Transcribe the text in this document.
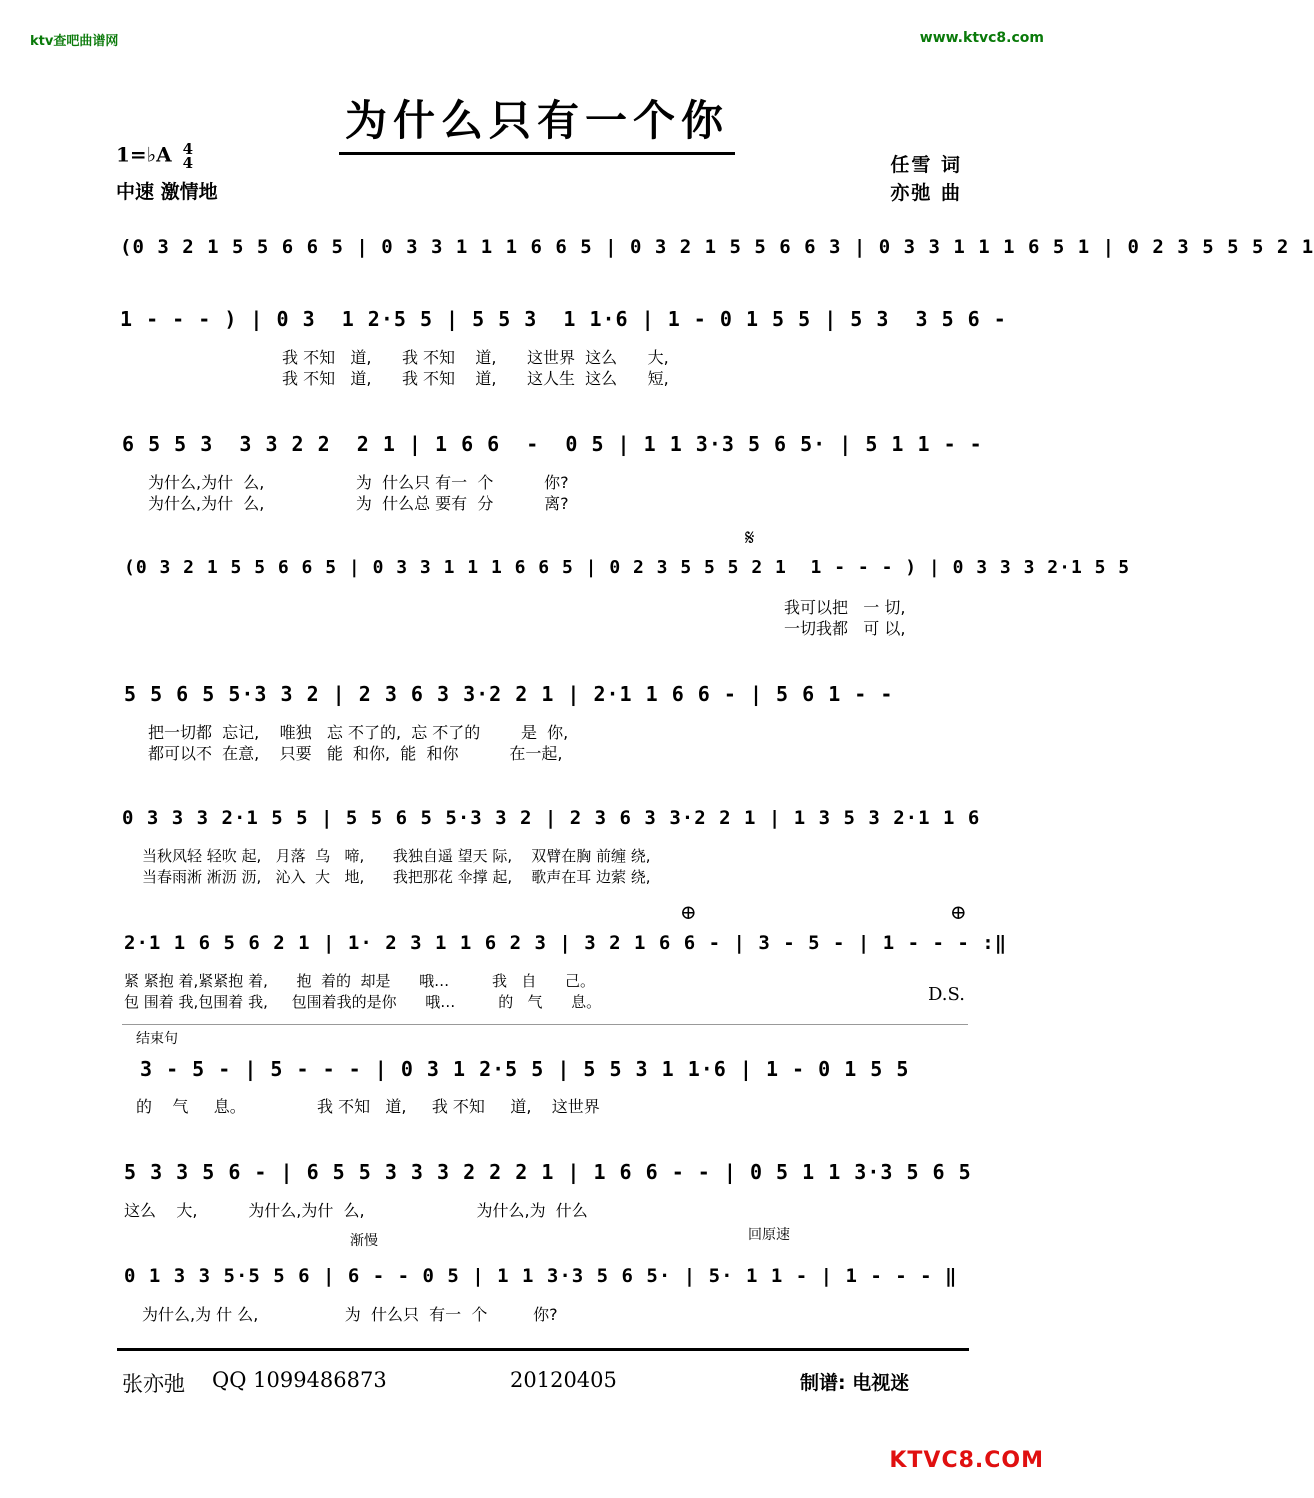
ktv查吧曲谱网	www.ktvc8.com
为什么只有一个你
1=♭A 4
4
中速 激情地
任雪 词
亦弛 曲
(0 3 2 1 5 5 6 6 5 | 0 3 3 1 1 1 6 6 5 | 0 3 2 1 5 5 6 6 3 | 0 3 3 1 1 1 6 5 1 | 0 2 3 5 5 5 2 1
1 - - - ) | 0 3  1 2·5 5 | 5 5 3  1 1·6 | 1 - 0 1 5 5 | 5 3  3 5 6 -
我 不知   道,      我 不知    道,      这世界  这么      大,
我 不知   道,      我 不知    道,      这人生  这么      短,
6 5 5 3  3 3 2 2  2 1 | 1 6 6  -  0 5 | 1 1 3·3 5 6 5· | 5 1 1 - -
为什么,为什  么,                  为  什么只 有一  个          你?
为什么,为什  么,                  为  什么总 要有  分          离?
𝄋
(0 3 2 1 5 5 6 6 5 | 0 3 3 1 1 1 6 6 5 | 0 2 3 5 5 5 2 1  1 - - - ) | 0 3 3 3 2·1 5 5
我可以把   一 切,
一切我都   可 以,
5 5 6 5 5·3 3 2 | 2 3 6 3 3·2 2 1 | 2·1 1 6 6 - | 5 6 1 - -
把一切都  忘记,    唯独   忘 不了的,  忘 不了的        是  你,
都可以不  在意,    只要   能  和你,  能  和你          在一起,
0 3 3 3 2·1 5 5 | 5 5 6 5 5·3 3 2 | 2 3 6 3 3·2 2 1 | 1 3 5 3 2·1 1 6
当秋风轻 轻吹 起,   月落  乌   啼,      我独自遥 望天 际,    双臂在胸 前缠 绕,
当春雨淅 淅沥 沥,   沁入  大   地,      我把那花 伞撑 起,    歌声在耳 边萦 绕,
⊕	⊕
2·1 1 6 5 6 2 1 | 1· 2 3 1 1 6 2 3 | 3 2 1 6 6 - | 3 - 5 - | 1 - - - :‖
紧 紧抱 着,紧紧抱 着,      抱  着的  却是      哦…         我   自      己。
包 围着 我,包围着 我,     包围着我的是你      哦…         的   气      息。	D.S.
结束句
3 - 5 - | 5 - - - | 0 3 1 2·5 5 | 5 5 3 1 1·6 | 1 - 0 1 5 5
的    气     息。              我 不知   道,     我 不知     道,    这世界
5 3 3 5 6 - | 6 5 5 3 3 3 2 2 2 1 | 1 6 6 - - | 0 5 1 1 3·3 5 6 5
这么    大,          为什么,为什  么,                      为什么,为  什么
渐慢	回原速
0 1 3 3 5·5 5 6 | 6 - - 0 5 | 1 1 3·3 5 6 5· | 5· 1 1 - | 1 - - - ‖
为什么,为 什 么,                 为  什么只  有一  个         你?
张亦弛 QQ 1099486873	20120405	制谱: 电视迷
KTVC8.COM
